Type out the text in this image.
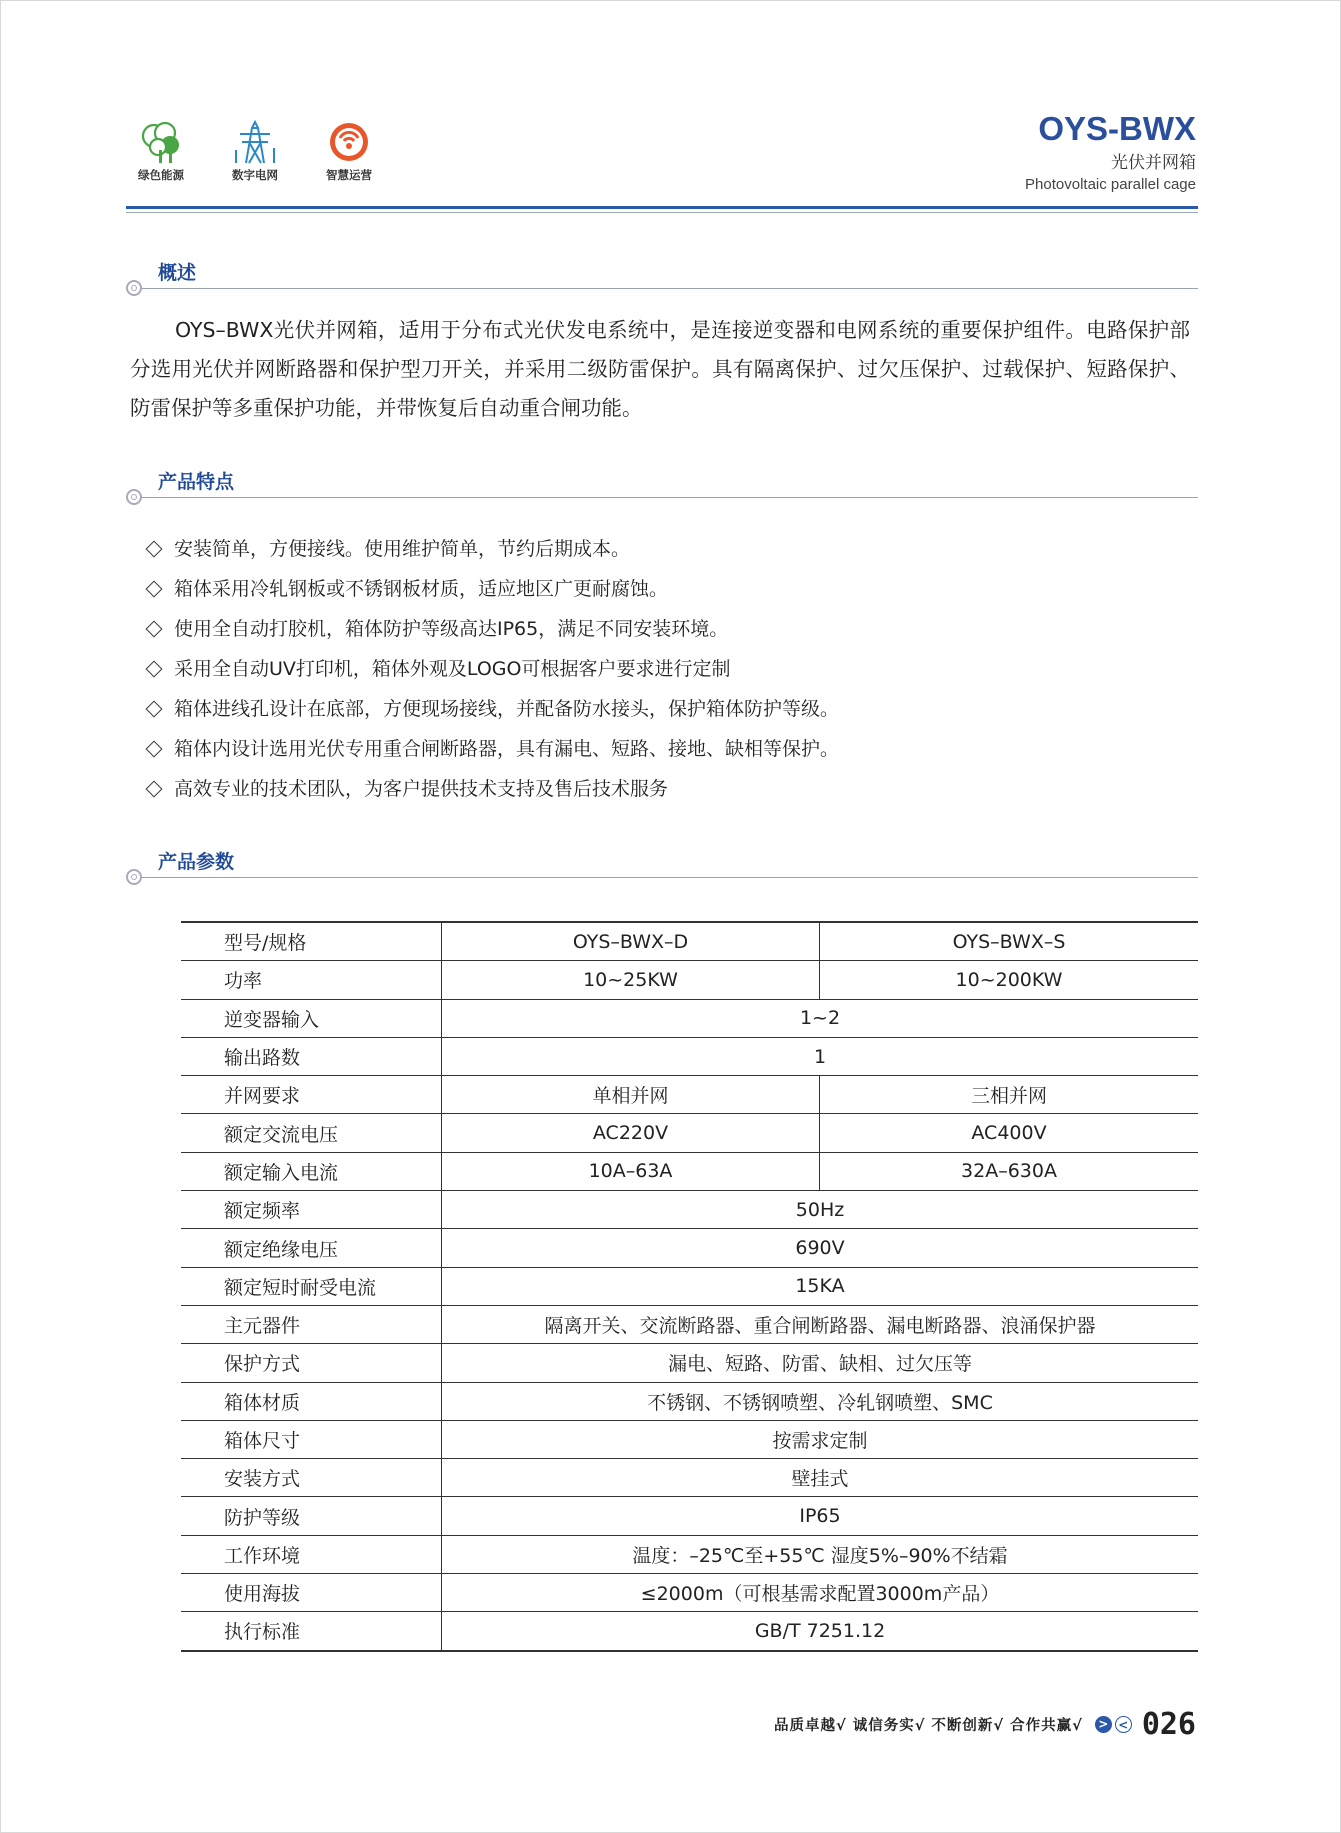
绿色能源	数字电网	智慧运营
OYS-BWX
光伏并网箱
Photovoltaic parallel cage
概述
OYS–BWX光伏并网箱，适用于分布式光伏发电系统中，是连接逆变器和电网系统的重要保护组件。电路保护部分选用光伏并网断路器和保护型刀开关，并采用二级防雷保护。具有隔离保护、过欠压保护、过载保护、短路保护、防雷保护等多重保护功能，并带恢复后自动重合闸功能。
产品特点
安装简单，方便接线。使用维护简单，节约后期成本。
箱体采用冷轧钢板或不锈钢板材质，适应地区广更耐腐蚀。
使用全自动打胶机，箱体防护等级高达IP65，满足不同安装环境。
采用全自动UV打印机，箱体外观及LOGO可根据客户要求进行定制
箱体进线孔设计在底部，方便现场接线，并配备防水接头，保护箱体防护等级。
箱体内设计选用光伏专用重合闸断路器，具有漏电、短路、接地、缺相等保护。
高效专业的技术团队，为客户提供技术支持及售后技术服务
产品参数
型号/规格	OYS–BWX–D	OYS–BWX–S
功率	10~25KW	10~200KW
逆变器输入	1~2	
输出路数	1	
并网要求	单相并网	三相并网
额定交流电压	AC220V	AC400V
额定输入电流	10A–63A	32A–630A
额定频率	50Hz	
额定绝缘电压	690V	
额定短时耐受电流	15KA	
主元器件	隔离开关、交流断路器、重合闸断路器、漏电断路器、浪涌保护器	
保护方式	漏电、短路、防雷、缺相、过欠压等	
箱体材质	不锈钢、不锈钢喷塑、冷轧钢喷塑、SMC	
箱体尺寸	按需求定制	
安装方式	壁挂式	
防护等级	IP65	
工作环境	温度：–25℃至+55℃ 湿度5%–90%不结霜	
使用海拔	≤2000m（可根基需求配置3000m产品）	
执行标准	GB/T 7251.12	
品质卓越√ 诚信务实√ 不断创新√ 合作共赢√ > < 026
